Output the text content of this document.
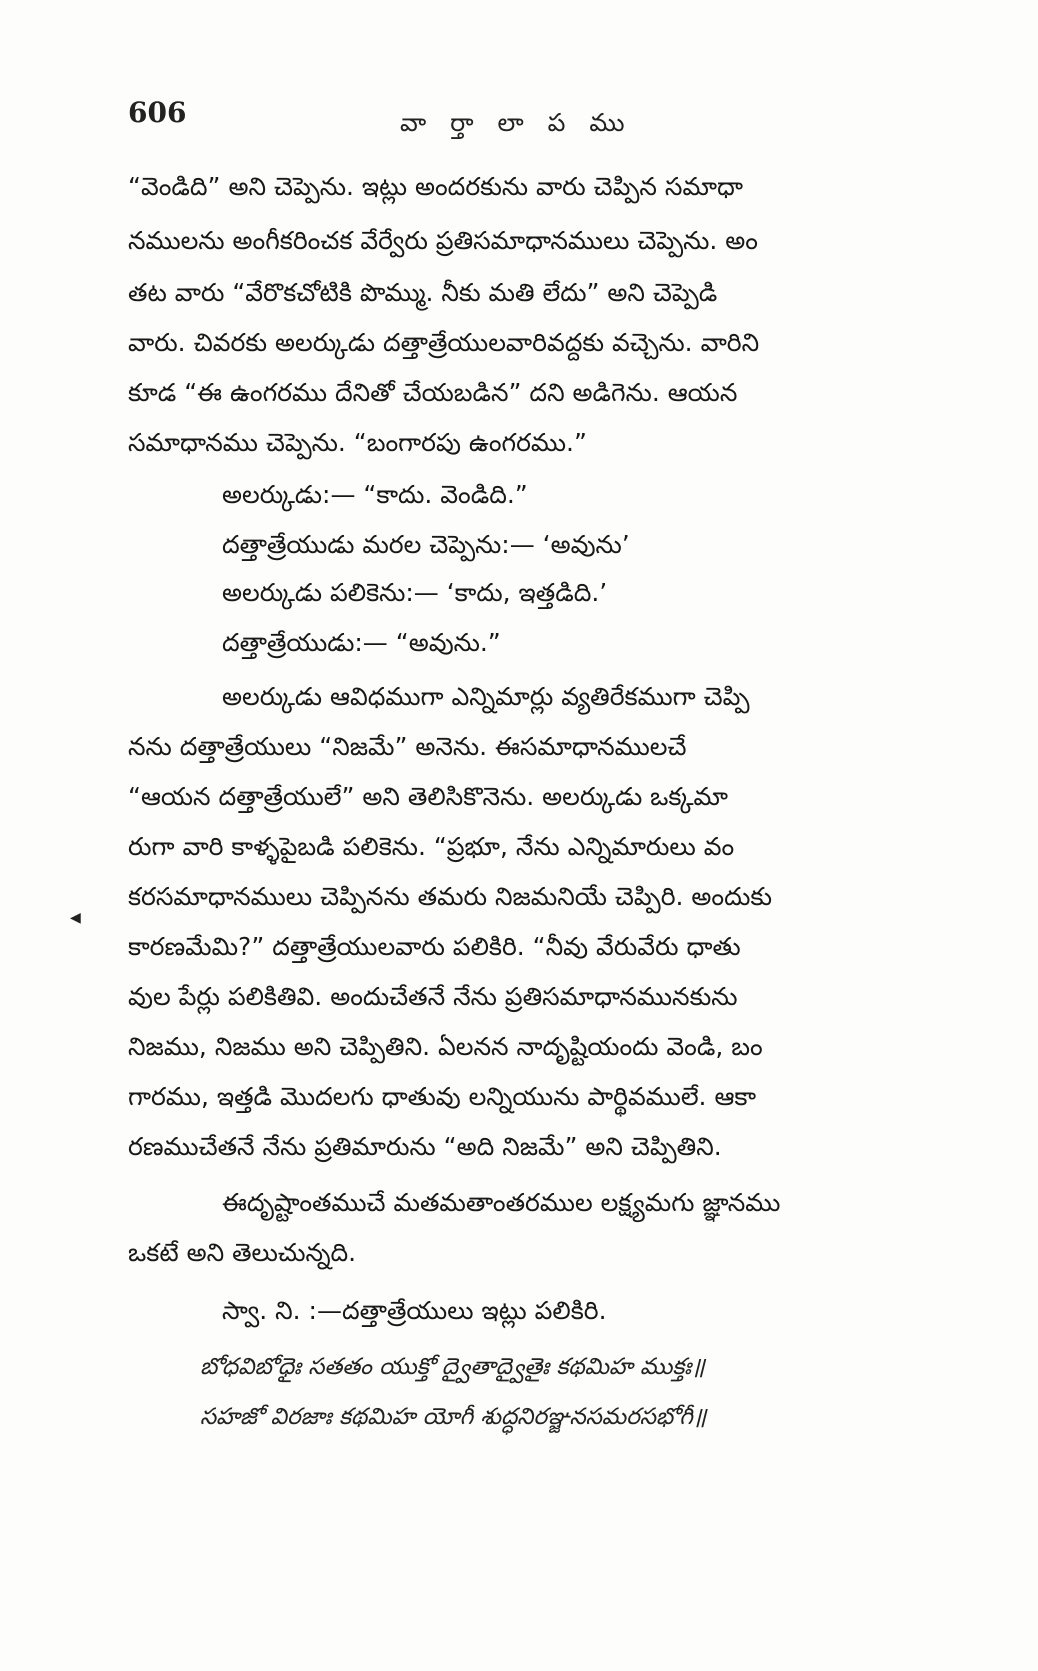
606	వా ర్తా లా ప ము
“వెండిది” అని చెప్పెను. ఇట్లు అందరకును వారు చెప్పిన సమాధా
నములను అంగీకరించక వేర్వేరు ప్రతిసమాధానములు చెప్పెను. అం
తట వారు “వేరొకచోటికి పొమ్ము. నీకు మతి లేదు” అని చెప్పెడి
వారు. చివరకు అలర్కుడు దత్తాత్రేయులవారివద్దకు వచ్చెను. వారిని
కూడ “ఈ ఉంగరము దేనితో చేయబడిన” దని అడిగెను. ఆయన
సమాధానము చెప్పెను. “బంగారపు ఉంగరము.”
అలర్కుడు:— “కాదు. వెండిది.”
దత్తాత్రేయుడు మరల చెప్పెను:— ‘అవును’
అలర్కుడు పలికెను:— ‘కాదు, ఇత్తడిది.’
దత్తాత్రేయుడు:— “అవును.”
అలర్కుడు ఆవిధముగా ఎన్నిమార్లు వ్యతిరేకముగా చెప్పి
నను దత్తాత్రేయులు “నిజమే” అనెను. ఈసమాధానములచే
“ఆయన దత్తాత్రేయులే” అని తెలిసికొనెను. అలర్కుడు ఒక్కమా
రుగా వారి కాళ్ళపైబడి పలికెను. “ప్రభూ, నేను ఎన్నిమారులు వం
కరసమాధానములు చెప్పినను తమరు నిజమనియే చెప్పిరి. అందుకు
కారణమేమి?” దత్తాత్రేయులవారు పలికిరి. “నీవు వేరువేరు ధాతు
వుల పేర్లు పలికితివి. అందుచేతనే నేను ప్రతిసమాధానమునకును
నిజము, నిజము అని చెప్పితిని. ఏలనన నాదృష్టియందు వెండి, బం
గారము, ఇత్తడి మొదలగు ధాతువు లన్నియును పార్థివములే. ఆకా
రణముచేతనే నేను ప్రతిమారును “అది నిజమే” అని చెప్పితిని.
ఈదృష్టాంతముచే మతమతాంతరముల లక్ష్యమగు జ్ఞానము
ఒకటే అని తెలుచున్నది.
స్వా. ని. :—దత్తాత్రేయులు ఇట్లు పలికిరి.
బోధవిబోధైః సతతం యుక్తో ద్వైతాద్వైతైః కథమిహ ముక్తః॥
సహజో విరజాః కథమిహ యోగీ శుద్ధనిరఞ్జనసమరసభోగీ॥
◀
